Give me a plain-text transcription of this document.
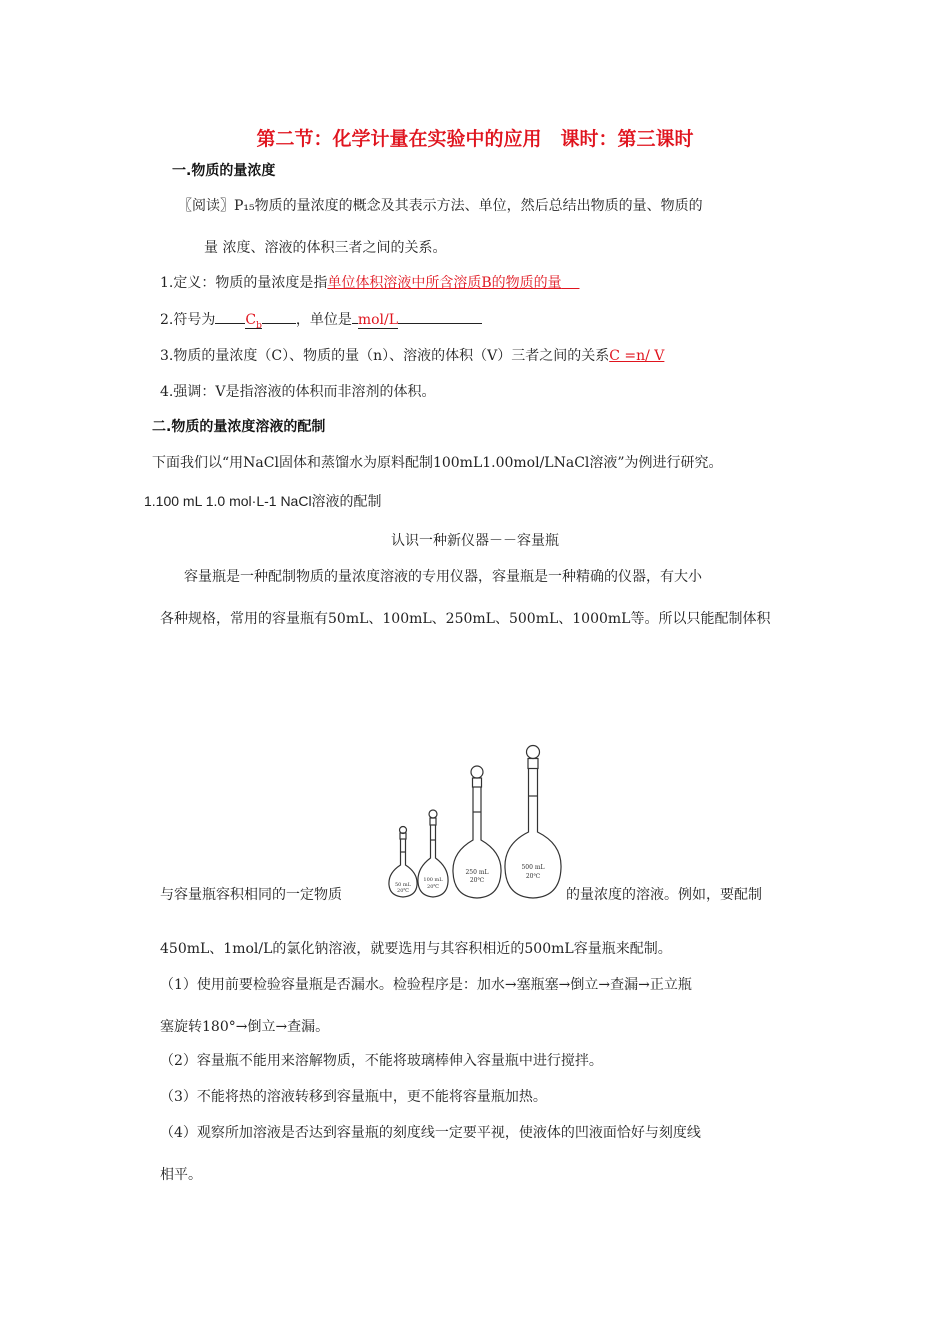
第二节：化学计量在实验中的应用　课时：第三课时
一.物质的量浓度
〖阅读〗P₁₅物质的量浓度的概念及其表示方法、单位，然后总结出物质的量、物质的
量 浓度、溶液的体积三者之间的关系。
1.定义：物质的量浓度是指单位体积溶液中所含溶质B的物质的量
2.符号为 $C_b$ ，单位是 mol/L
3.物质的量浓度（C）、物质的量（n）、溶液的体积（V）三者之间的关系C =n/ V
4.强调：V是指溶液的体积而非溶剂的体积。
二.物质的量浓度溶液的配制
下面我们以“用NaCl固体和蒸馏水为原料配制100mL1.00mol/LNaCl溶液”为例进行研究。
1.100 mL 1.0 mol·L-1 NaCl溶液的配制
认识一种新仪器－－容量瓶
容量瓶是一种配制物质的量浓度溶液的专用仪器，容量瓶是一种精确的仪器，有大小
各种规格，常用的容量瓶有50mL、100mL、250mL、500mL、1000mL等。所以只能配制体积
与容量瓶容积相同的一定物质
50 mL
20℃
100 mL
20℃
250 mL
20℃
500 mL
20℃
的量浓度的溶液。例如，要配制
450mL、1mol/L的氯化钠溶液，就要选用与其容积相近的500mL容量瓶来配制。
（1）使用前要检验容量瓶是否漏水。检验程序是：加水→塞瓶塞→倒立→查漏→正立瓶
塞旋转180°→倒立→查漏。
（2）容量瓶不能用来溶解物质，不能将玻璃棒伸入容量瓶中进行搅拌。
（3）不能将热的溶液转移到容量瓶中，更不能将容量瓶加热。
（4）观察所加溶液是否达到容量瓶的刻度线一定要平视，使液体的凹液面恰好与刻度线
相平。
